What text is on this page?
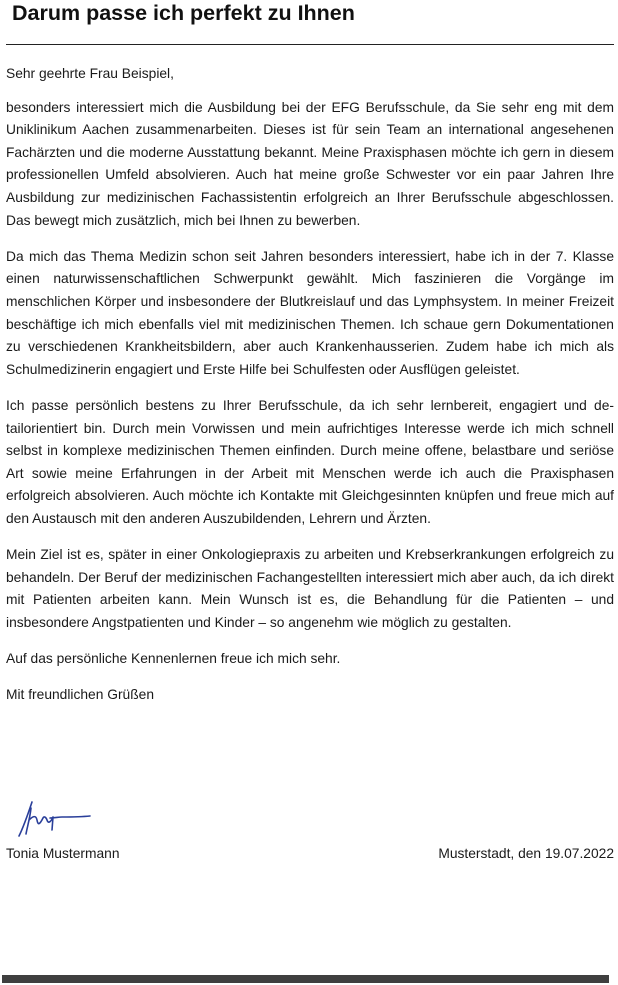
Darum passe ich perfekt zu Ihnen

Sehr geehrte Frau Beispiel,

besonders interessiert mich die Ausbildung bei der EFG Berufsschule, da Sie sehr eng mit dem Uniklinikum Aachen zusammenarbeiten. Dieses ist für sein Team an international angesehenen Fachärzten und die moderne Ausstattung bekannt. Meine Praxisphasen möchte ich gern in diesem professionellen Umfeld absolvieren. Auch hat meine große Schwester vor ein paar Jahren Ihre Ausbildung zur medizinischen Fachassistentin erfolgreich an Ihrer Berufsschule abgeschlossen. Das bewegt mich zusätzlich, mich bei Ihnen zu bewerben.

Da mich das Thema Medizin schon seit Jahren besonders interessiert, habe ich in der 7. Klasse einen naturwissenschaftlichen Schwerpunkt gewählt. Mich faszinieren die Vorgänge im menschlichen Körper und insbesondere der Blutkreislauf und das Lymphsystem. In meiner Freizeit beschäftige ich mich ebenfalls viel mit medizinischen Themen. Ich schaue gern Dokumentationen zu verschiedenen Krankheitsbildern, aber auch Krankenhausserien. Zudem habe ich mich als Schulmedizinerin engagiert und Erste Hilfe bei Schulfesten oder Ausflügen geleistet.

Ich passe persönlich bestens zu Ihrer Berufsschule, da ich sehr lernbereit, engagiert und detailorientiert bin. Durch mein Vorwissen und mein aufrichtiges Interesse werde ich mich schnell selbst in komplexe medizinischen Themen einfinden. Durch meine offene, belastbare und seriöse Art sowie meine Erfahrungen in der Arbeit mit Menschen werde ich auch die Praxisphasen erfolgreich absolvieren. Auch möchte ich Kontakte mit Gleichgesinnten knüpfen und freue mich auf den Austausch mit den anderen Auszubildenden, Lehrern und Ärzten.

Mein Ziel ist es, später in einer Onkologiepraxis zu arbeiten und Krebserkrankungen erfolgreich zu behandeln. Der Beruf der medizinischen Fachangestellten interessiert mich aber auch, da ich direkt mit Patienten arbeiten kann. Mein Wunsch ist es, die Behandlung für die Patienten – und insbesondere Angstpatienten und Kinder – so angenehm wie möglich zu gestalten.

Auf das persönliche Kennenlernen freue ich mich sehr.

Mit freundlichen Grüßen

Tonia Mustermann	Musterstadt, den 19.07.2022
